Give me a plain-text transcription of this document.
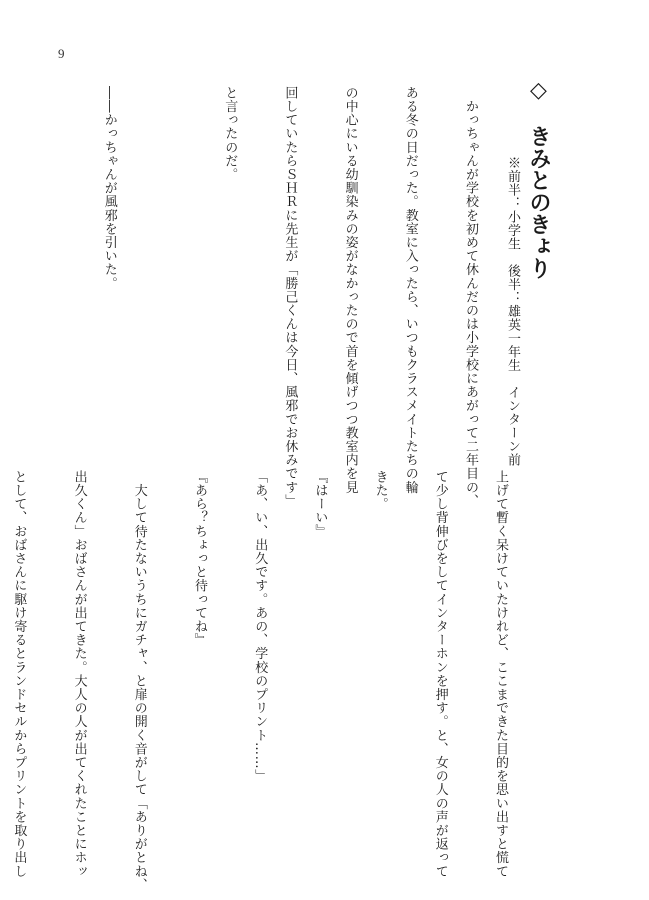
9

◇　きみとのきょり

※前半：小学生　後半：雄英一年生　インターン前

　かっちゃんが学校を初めて休んだのは小学校にあがって二年目の、

ある冬の日だった。教室に入ったら、いつもクラスメイトたちの輪

の中心にいる幼馴染みの姿がなかったので首を傾げつつ教室内を見

回していたらＳＨＲに先生が「勝己くんは今日、風邪でお休みです」

と言ったのだ。

――かっちゃんが風邪を引いた。

上げて暫く呆けていたけれど、ここまできた目的を思い出すと慌て

て少し背伸びをしてインターホンを押す。と、女の人の声が返って

きた。

『はーい』

「あ、い、出久です。あの、学校のプリント……」

『あら？ちょっと待ってね』

　大して待たないうちにガチャ、と扉の開く音がして「ありがとね、

出久くん」おばさんが出てきた。大人の人が出てくれたことにホッ

として、おばさんに駆け寄るとランドセルからプリントを取り出し
